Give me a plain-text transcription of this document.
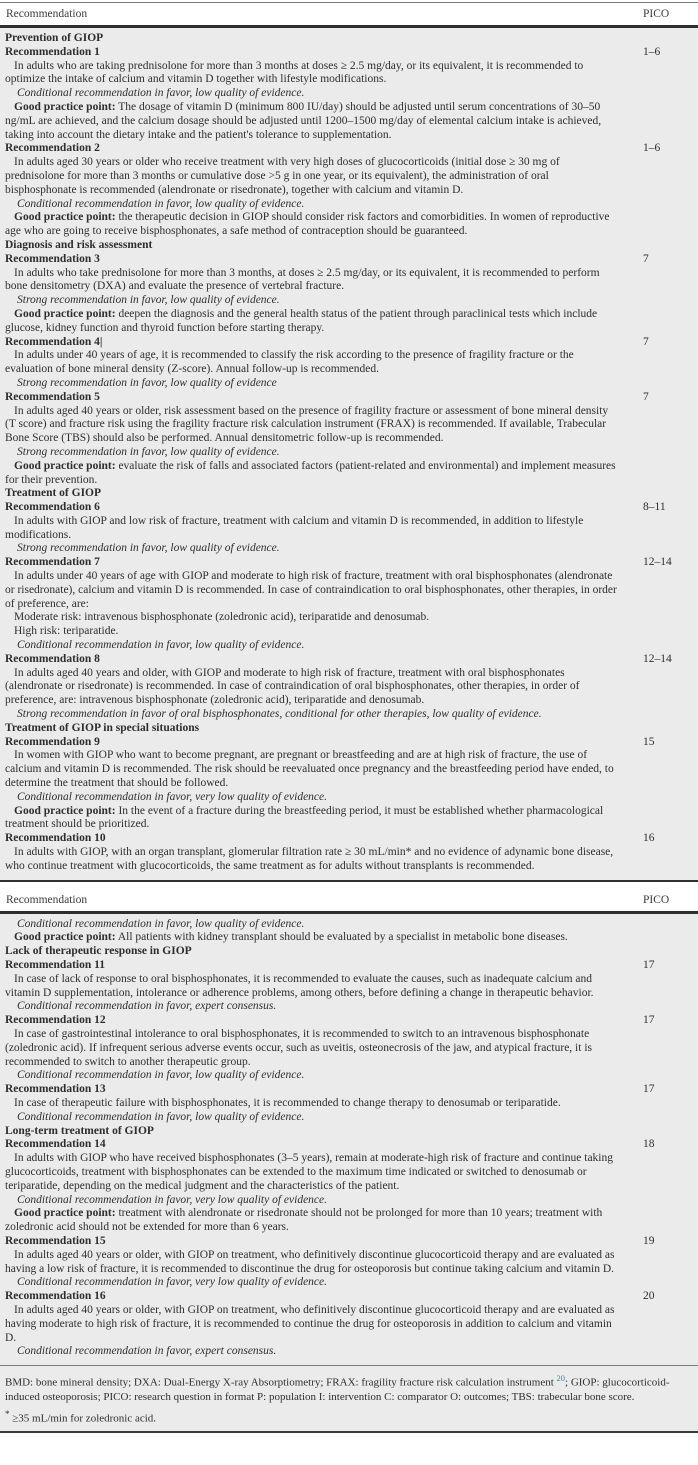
Recommendation	PICO
Prevention of GIOP
Recommendation 1	1–6
In adults who are taking prednisolone for more than 3 months at doses ≥ 2.5 mg/day, or its equivalent, it is recommended to optimize the intake of calcium and vitamin D together with lifestyle modifications.
Conditional recommendation in favor, low quality of evidence.
Good practice point: The dosage of vitamin D (minimum 800 IU/day) should be adjusted until serum concentrations of 30–50 ng/mL are achieved, and the calcium dosage should be adjusted until 1200–1500 mg/day of elemental calcium intake is achieved, taking into account the dietary intake and the patient's tolerance to supplementation.
Recommendation 2	1–6
In adults aged 30 years or older who receive treatment with very high doses of glucocorticoids (initial dose ≥ 30 mg of prednisolone for more than 3 months or cumulative dose >5 g in one year, or its equivalent), the administration of oral bisphosphonate is recommended (alendronate or risedronate), together with calcium and vitamin D.
Conditional recommendation in favor, low quality of evidence.
Good practice point: the therapeutic decision in GIOP should consider risk factors and comorbidities. In women of reproductive age who are going to receive bisphosphonates, a safe method of contraception should be guaranteed.
Diagnosis and risk assessment
Recommendation 3	7
In adults who take prednisolone for more than 3 months, at doses ≥ 2.5 mg/day, or its equivalent, it is recommended to perform bone densitometry (DXA) and evaluate the presence of vertebral fracture.
Strong recommendation in favor, low quality of evidence.
Good practice point: deepen the diagnosis and the general health status of the patient through paraclinical tests which include glucose, kidney function and thyroid function before starting therapy.
Recommendation 4|	7
In adults under 40 years of age, it is recommended to classify the risk according to the presence of fragility fracture or the evaluation of bone mineral density (Z-score). Annual follow-up is recommended.
Strong recommendation in favor, low quality of evidence
Recommendation 5	7
In adults aged 40 years or older, risk assessment based on the presence of fragility fracture or assessment of bone mineral density (T score) and fracture risk using the fragility fracture risk calculation instrument (FRAX) is recommended. If available, Trabecular Bone Score (TBS) should also be performed. Annual densitometric follow-up is recommended.
Strong recommendation in favor, low quality of evidence.
Good practice point: evaluate the risk of falls and associated factors (patient-related and environmental) and implement measures for their prevention.
Treatment of GIOP
Recommendation 6	8–11
In adults with GIOP and low risk of fracture, treatment with calcium and vitamin D is recommended, in addition to lifestyle modifications.
Strong recommendation in favor, low quality of evidence.
Recommendation 7	12–14
In adults under 40 years of age with GIOP and moderate to high risk of fracture, treatment with oral bisphosphonates (alendronate or risedronate), calcium and vitamin D is recommended. In case of contraindication to oral bisphosphonates, other therapies, in order of preference, are:
Moderate risk: intravenous bisphosphonate (zoledronic acid), teriparatide and denosumab.
High risk: teriparatide.
Conditional recommendation in favor, low quality of evidence.
Recommendation 8	12–14
In adults aged 40 years and older, with GIOP and moderate to high risk of fracture, treatment with oral bisphosphonates (alendronate or risedronate) is recommended. In case of contraindication of oral bisphosphonates, other therapies, in order of preference, are: intravenous bisphosphonate (zoledronic acid), teriparatide and denosumab.
Strong recommendation in favor of oral bisphosphonates, conditional for other therapies, low quality of evidence.
Treatment of GIOP in special situations
Recommendation 9	15
In women with GIOP who want to become pregnant, are pregnant or breastfeeding and are at high risk of fracture, the use of calcium and vitamin D is recommended. The risk should be reevaluated once pregnancy and the breastfeeding period have ended, to determine the treatment that should be followed.
Conditional recommendation in favor, very low quality of evidence.
Good practice point: In the event of a fracture during the breastfeeding period, it must be established whether pharmacological treatment should be prioritized.
Recommendation 10	16
In adults with GIOP, with an organ transplant, glomerular filtration rate ≥ 30 mL/min* and no evidence of adynamic bone disease, who continue treatment with glucocorticoids, the same treatment as for adults without transplants is recommended.
Recommendation	PICO
Conditional recommendation in favor, low quality of evidence.
Good practice point: All patients with kidney transplant should be evaluated by a specialist in metabolic bone diseases.
Lack of therapeutic response in GIOP
Recommendation 11	17
In case of lack of response to oral bisphosphonates, it is recommended to evaluate the causes, such as inadequate calcium and vitamin D supplementation, intolerance or adherence problems, among others, before defining a change in therapeutic behavior.
Conditional recommendation in favor, expert consensus.
Recommendation 12	17
In case of gastrointestinal intolerance to oral bisphosphonates, it is recommended to switch to an intravenous bisphosphonate (zoledronic acid). If infrequent serious adverse events occur, such as uveitis, osteonecrosis of the jaw, and atypical fracture, it is recommended to switch to another therapeutic group.
Conditional recommendation in favor, low quality of evidence.
Recommendation 13	17
In case of therapeutic failure with bisphosphonates, it is recommended to change therapy to denosumab or teriparatide.
Conditional recommendation in favor, low quality of evidence.
Long-term treatment of GIOP
Recommendation 14	18
In adults with GIOP who have received bisphosphonates (3–5 years), remain at moderate-high risk of fracture and continue taking glucocorticoids, treatment with bisphosphonates can be extended to the maximum time indicated or switched to denosumab or teriparatide, depending on the medical judgment and the characteristics of the patient.
Conditional recommendation in favor, very low quality of evidence.
Good practice point: treatment with alendronate or risedronate should not be prolonged for more than 10 years; treatment with zoledronic acid should not be extended for more than 6 years.
Recommendation 15	19
In adults aged 40 years or older, with GIOP on treatment, who definitively discontinue glucocorticoid therapy and are evaluated as having a low risk of fracture, it is recommended to discontinue the drug for osteoporosis but continue taking calcium and vitamin D.
Conditional recommendation in favor, very low quality of evidence.
Recommendation 16	20
In adults aged 40 years or older, with GIOP on treatment, who definitively discontinue glucocorticoid therapy and are evaluated as having moderate to high risk of fracture, it is recommended to continue the drug for osteoporosis in addition to calcium and vitamin D.
Conditional recommendation in favor, expert consensus.

BMD: bone mineral density; DXA: Dual-Energy X-ray Absorptiometry; FRAX: fragility fracture risk calculation instrument $^{20}$; GIOP: glucocorticoid-induced osteoporosis; PICO: research question in format P: population I: intervention C: comparator O: outcomes; TBS: trabecular bone score.

* ≥35 mL/min for zoledronic acid.
